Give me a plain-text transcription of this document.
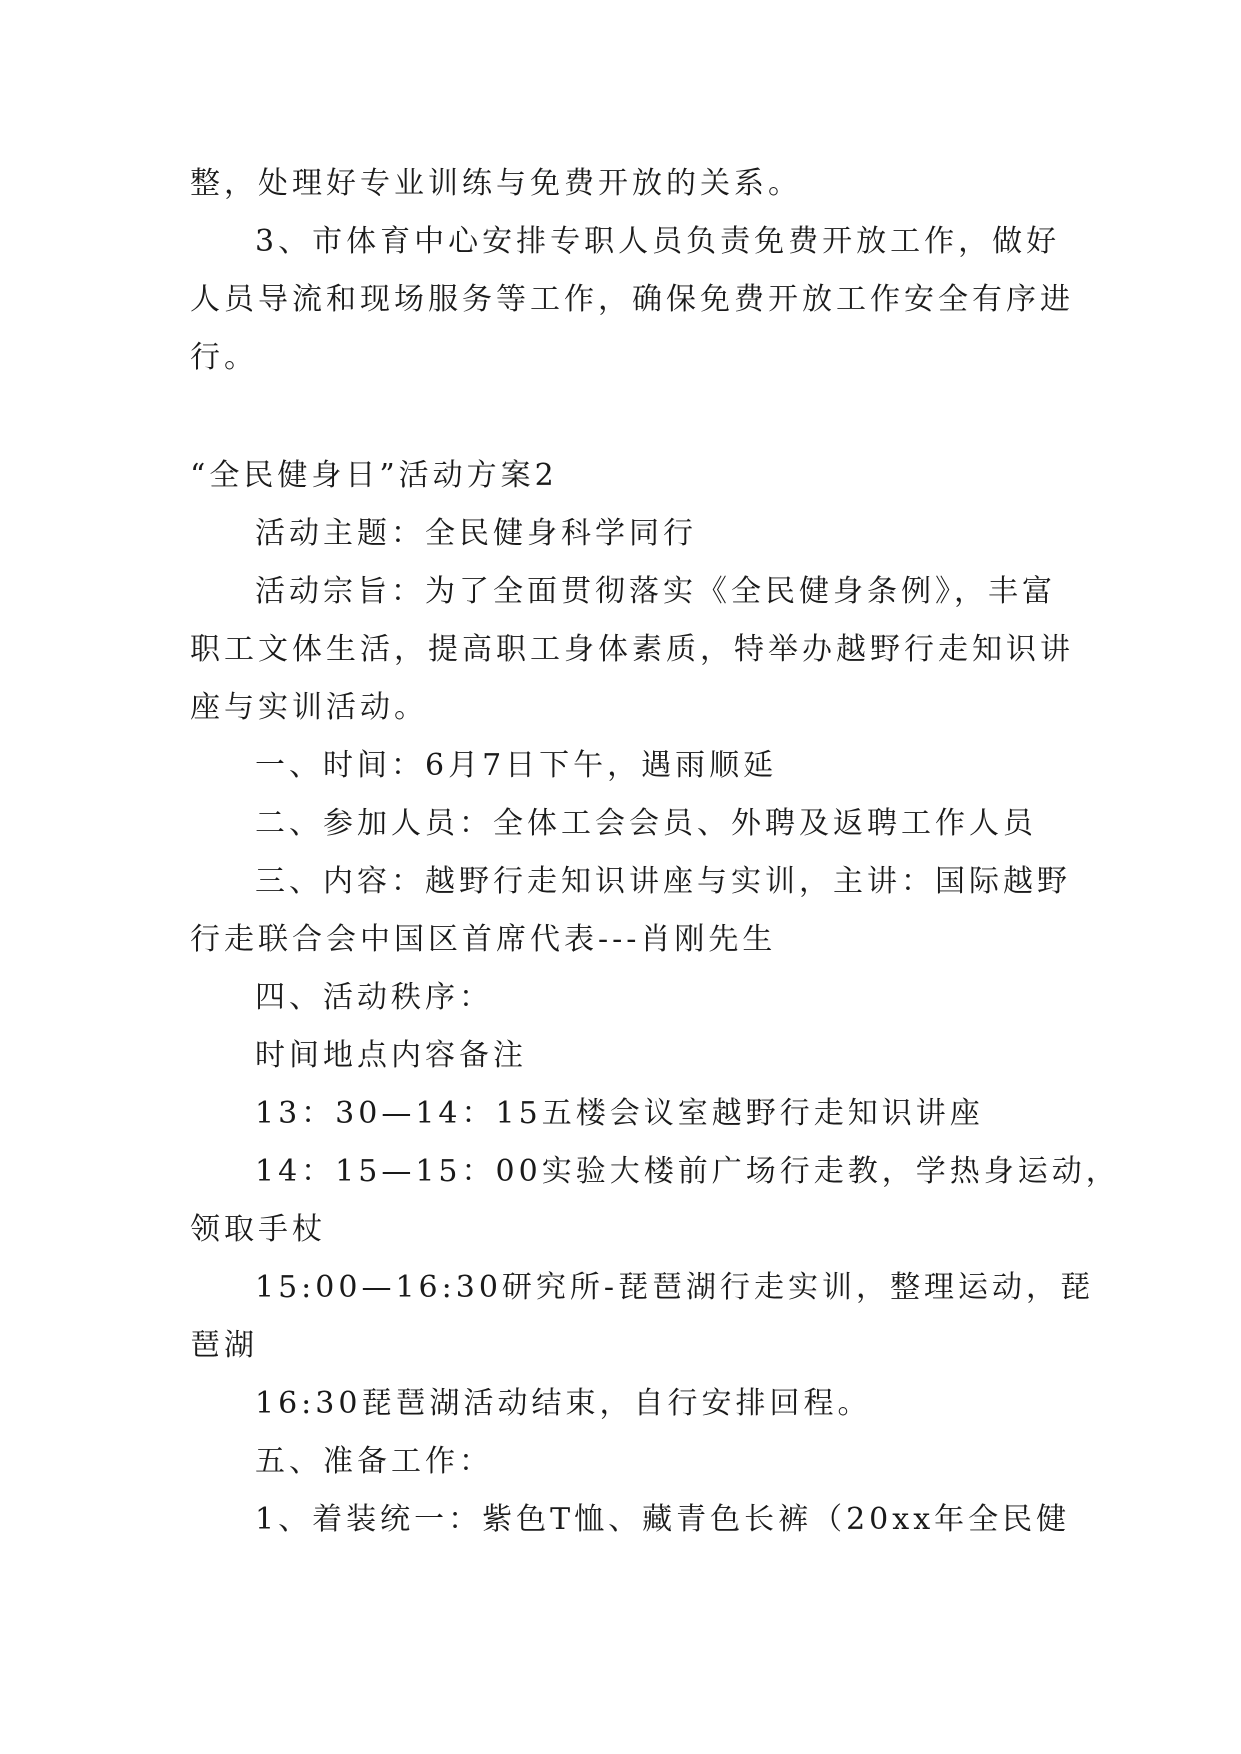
整，处理好专业训练与免费开放的关系。

3、市体育中心安排专职人员负责免费开放工作，做好

人员导流和现场服务等工作，确保免费开放工作安全有序进

行。

“全民健身日”活动方案2

活动主题：全民健身科学同行

活动宗旨：为了全面贯彻落实《全民健身条例》，丰富

职工文体生活，提高职工身体素质，特举办越野行走知识讲

座与实训活动。

一、时间：6月7日下午，遇雨顺延

二、参加人员：全体工会会员、外聘及返聘工作人员

三、内容：越野行走知识讲座与实训，主讲：国际越野

行走联合会中国区首席代表---肖刚先生

四、活动秩序：

时间地点内容备注

13：30—14：15五楼会议室越野行走知识讲座

14：15—15：00实验大楼前广场行走教，学热身运动，

领取手杖

15:00—16:30研究所-琵琶湖行走实训，整理运动，琵

琶湖

16:30琵琶湖活动结束，自行安排回程。

五、准备工作：

1、着装统一：紫色T恤、藏青色长裤（20xx年全民健
